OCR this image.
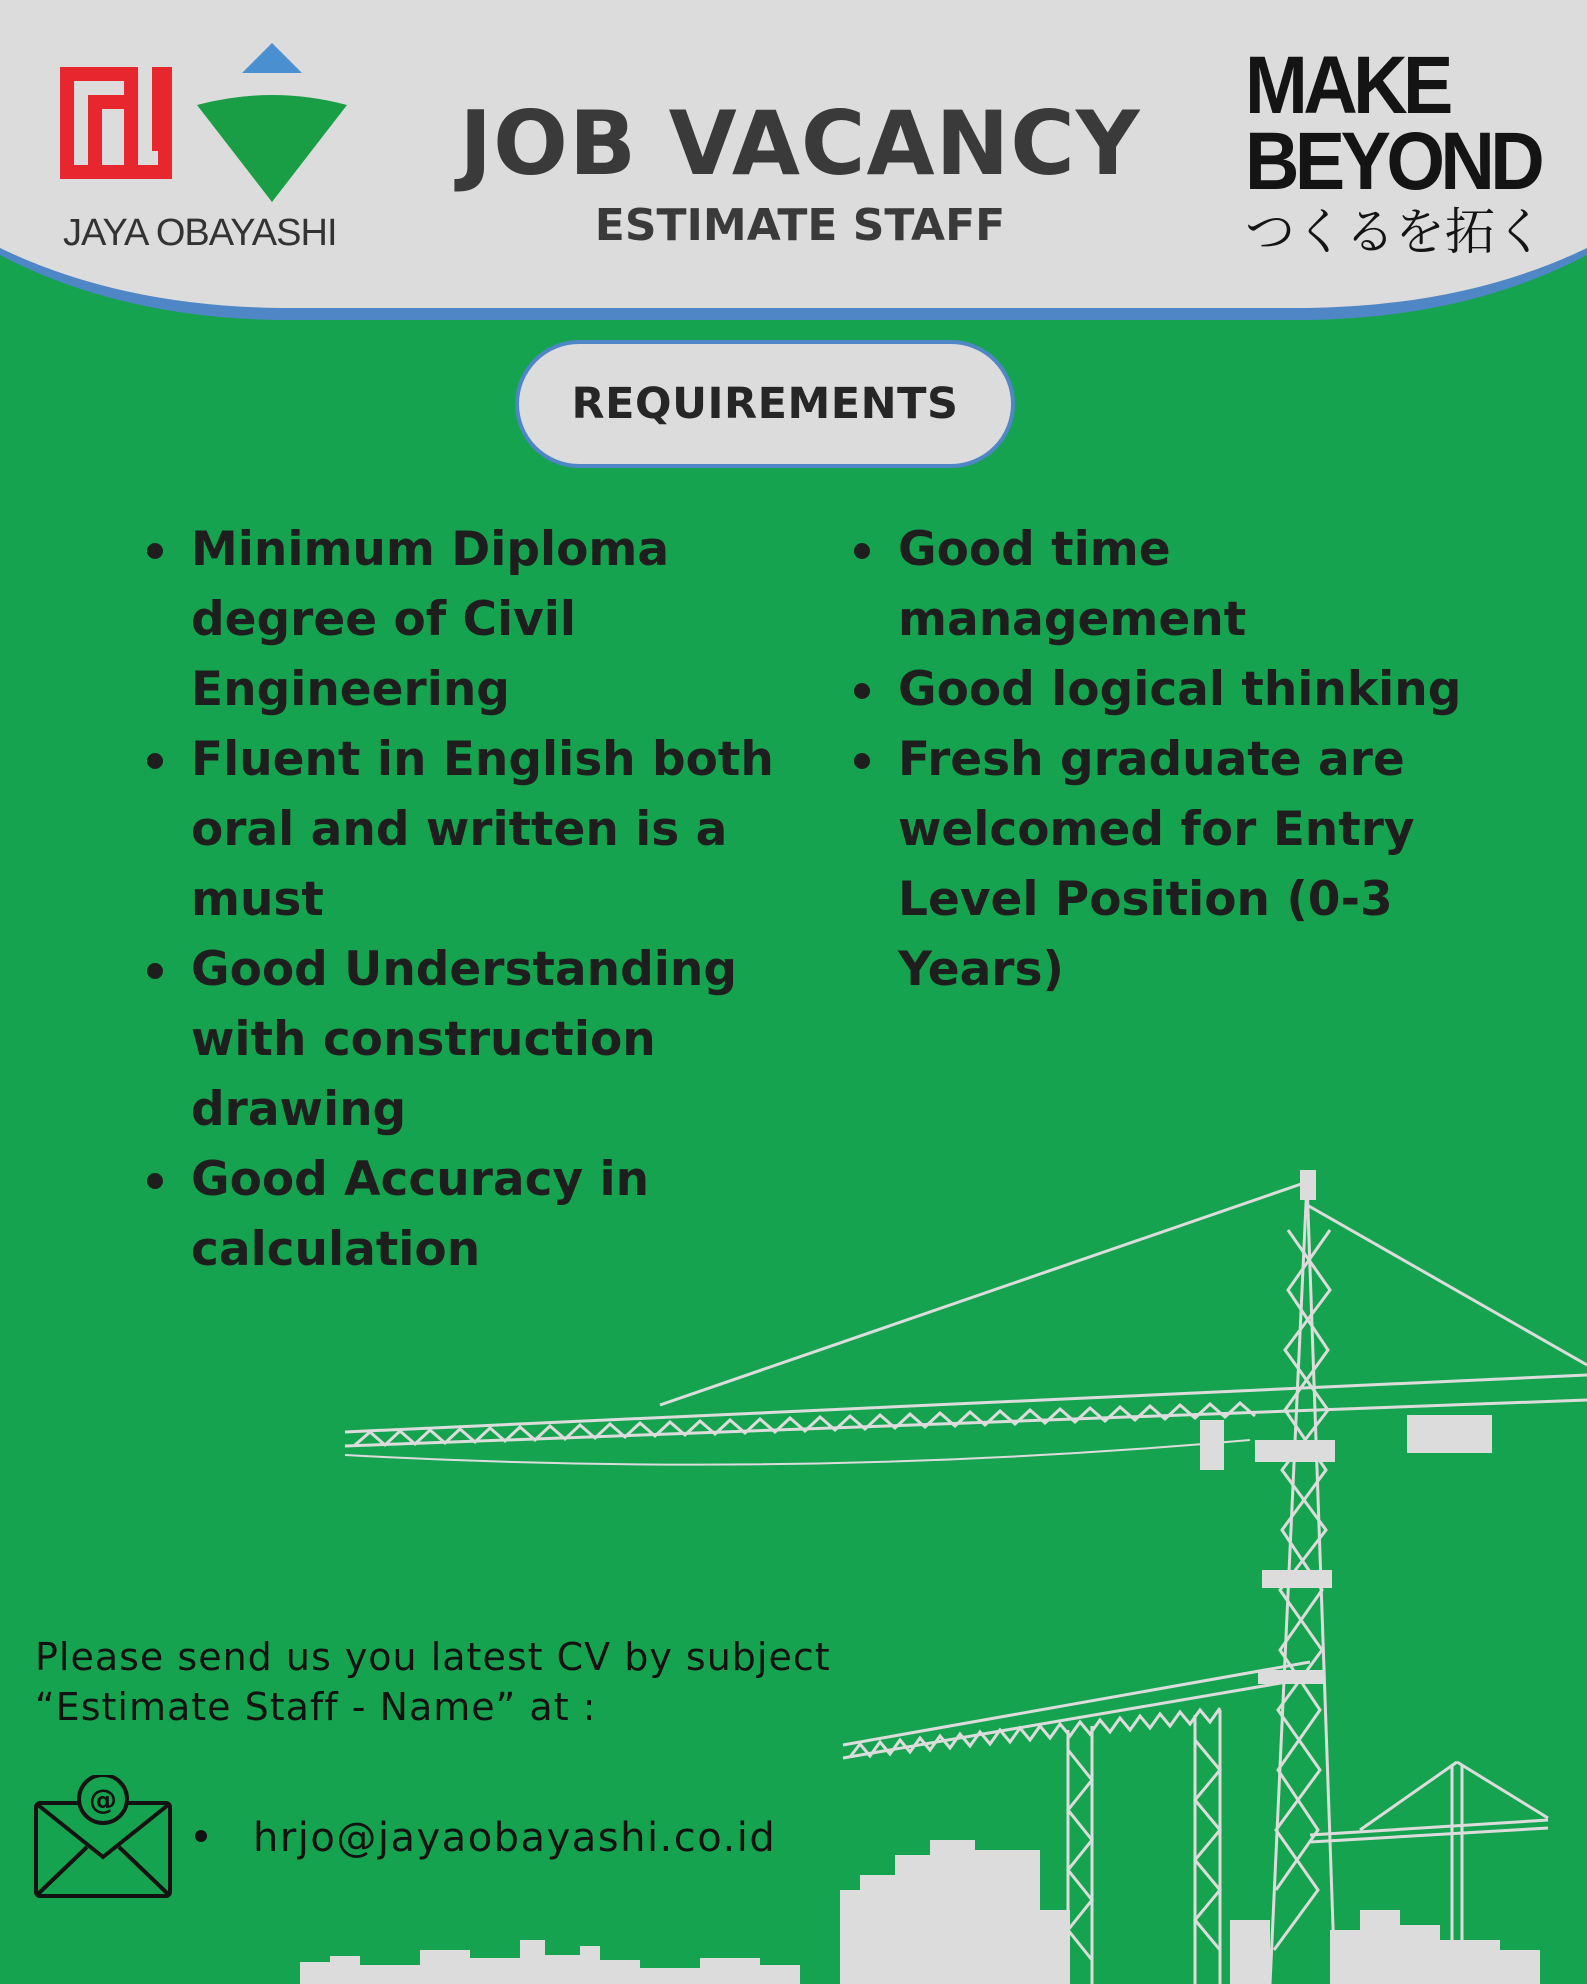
JAYA OBAYASHI
JOB VACANCY
ESTIMATE STAFF
MAKE
BEYOND
つくるを拓く
REQUIREMENTS
Minimum Diploma degree of Civil Engineering
Fluent in English both oral and written is a must
Good Understanding with construction drawing
Good Accuracy in calculation
Good time management
Good logical thinking
Fresh graduate are welcomed for Entry Level Position (0-3 Years)
Please send us you latest CV by subject
“Estimate Staff - Name” at :
@
hrjo@jayaobayashi.co.id
